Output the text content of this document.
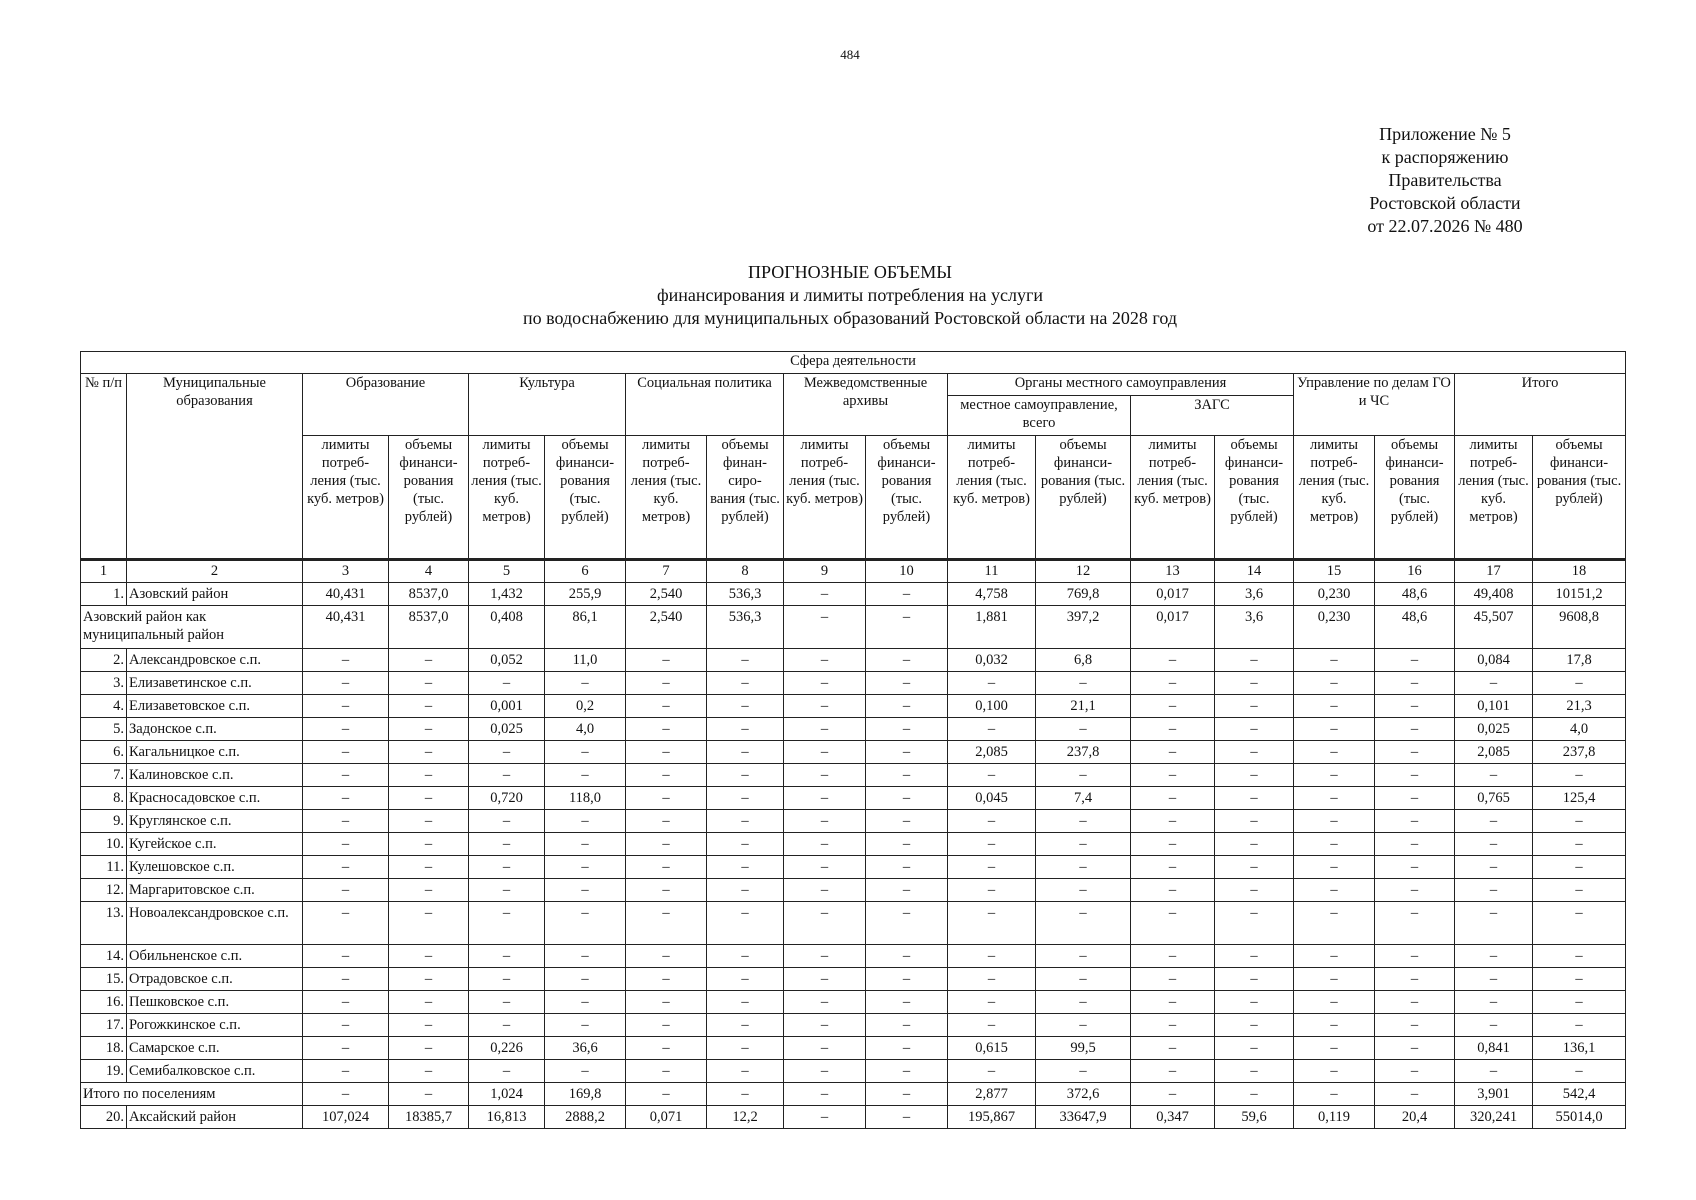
484
Приложение № 5
к распоряжению
Правительства
Ростовской области
от 22.07.2026 № 480
ПРОГНОЗНЫЕ ОБЪЕМЫ
финансирования и лимиты потребления на услуги
по водоснабжению для муниципальных образований Ростовской области на 2028 год
Сфера деятельности																	
№ п/п	Муниципальные образования	Образование		Культура		Социальная политика		Межведомственные архивы		Органы местного самоуправления				Управление по делам ГО и ЧС		Итого	
										местное самоуправление, всего		ЗАГС					
		лимиты потреб- ления (тыс. куб. метров)	объемы финанси- рования (тыс. рублей)	лимиты потреб- ления (тыс. куб. метров)	объемы финанси- рования (тыс. рублей)	лимиты потреб- ления (тыс. куб. метров)	объемы финан- сиро- вания (тыс. рублей)	лимиты потреб- ления (тыс. куб. метров)	объемы финанси- рования (тыс. рублей)	лимиты потреб- ления (тыс. куб. метров)	объемы финанси- рования (тыс. рублей)	лимиты потреб- ления (тыс. куб. метров)	объемы финанси- рования (тыс. рублей)	лимиты потреб- ления (тыс. куб. метров)	объемы финанси- рования (тыс. рублей)	лимиты потреб- ления (тыс. куб. метров)	объемы финанси- рования (тыс. рублей)
1	2	3	4	5	6	7	8	9	10	11	12	13	14	15	16	17	18
1.	Азовский район	40,431	8537,0	1,432	255,9	2,540	536,3	–	–	4,758	769,8	0,017	3,6	0,230	48,6	49,408	10151,2
Азовский район как муниципальный район		40,431	8537,0	0,408	86,1	2,540	536,3	–	–	1,881	397,2	0,017	3,6	0,230	48,6	45,507	9608,8
2.	Александровское с.п.	–	–	0,052	11,0	–	–	–	–	0,032	6,8	–	–	–	–	0,084	17,8
3.	Елизаветинское с.п.	–	–	–	–	–	–	–	–	–	–	–	–	–	–	–	–
4.	Елизаветовское с.п.	–	–	0,001	0,2	–	–	–	–	0,100	21,1	–	–	–	–	0,101	21,3
5.	Задонское с.п.	–	–	0,025	4,0	–	–	–	–	–	–	–	–	–	–	0,025	4,0
6.	Кагальницкое с.п.	–	–	–	–	–	–	–	–	2,085	237,8	–	–	–	–	2,085	237,8
7.	Калиновское с.п.	–	–	–	–	–	–	–	–	–	–	–	–	–	–	–	–
8.	Красносадовское с.п.	–	–	0,720	118,0	–	–	–	–	0,045	7,4	–	–	–	–	0,765	125,4
9.	Круглянское с.п.	–	–	–	–	–	–	–	–	–	–	–	–	–	–	–	–
10.	Кугейское с.п.	–	–	–	–	–	–	–	–	–	–	–	–	–	–	–	–
11.	Кулешовское с.п.	–	–	–	–	–	–	–	–	–	–	–	–	–	–	–	–
12.	Маргаритовское с.п.	–	–	–	–	–	–	–	–	–	–	–	–	–	–	–	–
13.	Новоалександровское с.п.	–	–	–	–	–	–	–	–	–	–	–	–	–	–	–	–
14.	Обильненское с.п.	–	–	–	–	–	–	–	–	–	–	–	–	–	–	–	–
15.	Отрадовское с.п.	–	–	–	–	–	–	–	–	–	–	–	–	–	–	–	–
16.	Пешковское с.п.	–	–	–	–	–	–	–	–	–	–	–	–	–	–	–	–
17.	Рогожкинское с.п.	–	–	–	–	–	–	–	–	–	–	–	–	–	–	–	–
18.	Самарское с.п.	–	–	0,226	36,6	–	–	–	–	0,615	99,5	–	–	–	–	0,841	136,1
19.	Семибалковское с.п.	–	–	–	–	–	–	–	–	–	–	–	–	–	–	–	–
Итого по поселениям		–	–	1,024	169,8	–	–	–	–	2,877	372,6	–	–	–	–	3,901	542,4
20.	Аксайский район	107,024	18385,7	16,813	2888,2	0,071	12,2	–	–	195,867	33647,9	0,347	59,6	0,119	20,4	320,241	55014,0
